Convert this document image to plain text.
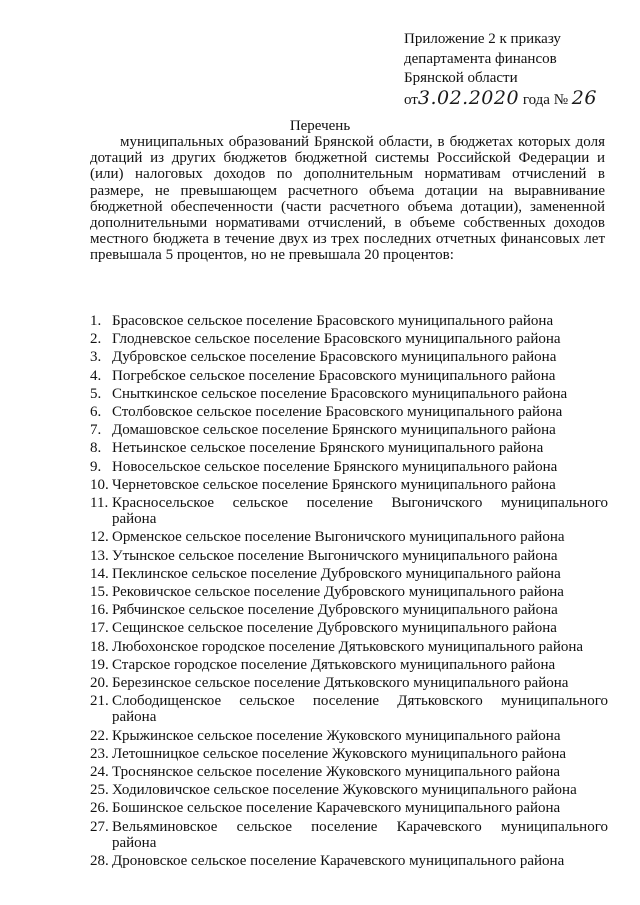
Приложение 2 к приказу
департамента финансов
Брянской области
от3.02.2020 года № 26
Перечень

муниципальных образований Брянской области, в бюджетах которых доля дотаций из других бюджетов бюджетной системы Российской Федерации и (или) налоговых доходов по дополнительным нормативам отчислений в размере, не превышающем расчетного объема дотации на выравнивание бюджетной обеспеченности (части расчетного объема дотации), замененной дополнительными нормативами отчислений, в объеме собственных доходов местного бюджета в течение двух из трех последних отчетных финансовых лет превышала 5 процентов, но не превышала 20 процентов:

1. Брасовское сельское поселение Брасовского муниципального района
2. Глодневское сельское поселение Брасовского муниципального района
3. Дубровское сельское поселение Брасовского муниципального района
4. Погребское сельское поселение Брасовского муниципального района
5. Сныткинское сельское поселение Брасовского муниципального района
6. Столбовское сельское поселение Брасовского муниципального района
7. Домашовское сельское поселение Брянского муниципального района
8. Нетьинское сельское поселение Брянского муниципального района
9. Новосельское сельское поселение Брянского муниципального района
10. Чернетовское сельское поселение Брянского муниципального района
11. Красносельское сельское поселение Выгоничского муниципального
района
12. Орменское сельское поселение Выгоничского муниципального района
13. Утынское сельское поселение Выгоничского муниципального района
14. Пеклинское сельское поселение Дубровского муниципального района
15. Рековичское сельское поселение Дубровского муниципального района
16. Рябчинское сельское поселение Дубровского муниципального района
17. Сещинское сельское поселение Дубровского муниципального района
18. Любохонское городское поселение Дятьковского муниципального района
19. Старское городское поселение Дятьковского муниципального района
20. Березинское сельское поселение Дятьковского муниципального района
21. Слободищенское сельское поселение Дятьковского муниципального
района
22. Крыжинское сельское поселение Жуковского муниципального района
23. Летошницкое сельское поселение Жуковского муниципального района
24. Троснянское сельское поселение Жуковского муниципального района
25. Ходиловичское сельское поселение Жуковского муниципального района
26. Бошинское сельское поселение Карачевского муниципального района
27. Вельяминовское сельское поселение Карачевского муниципального
района
28. Дроновское сельское поселение Карачевского муниципального района
